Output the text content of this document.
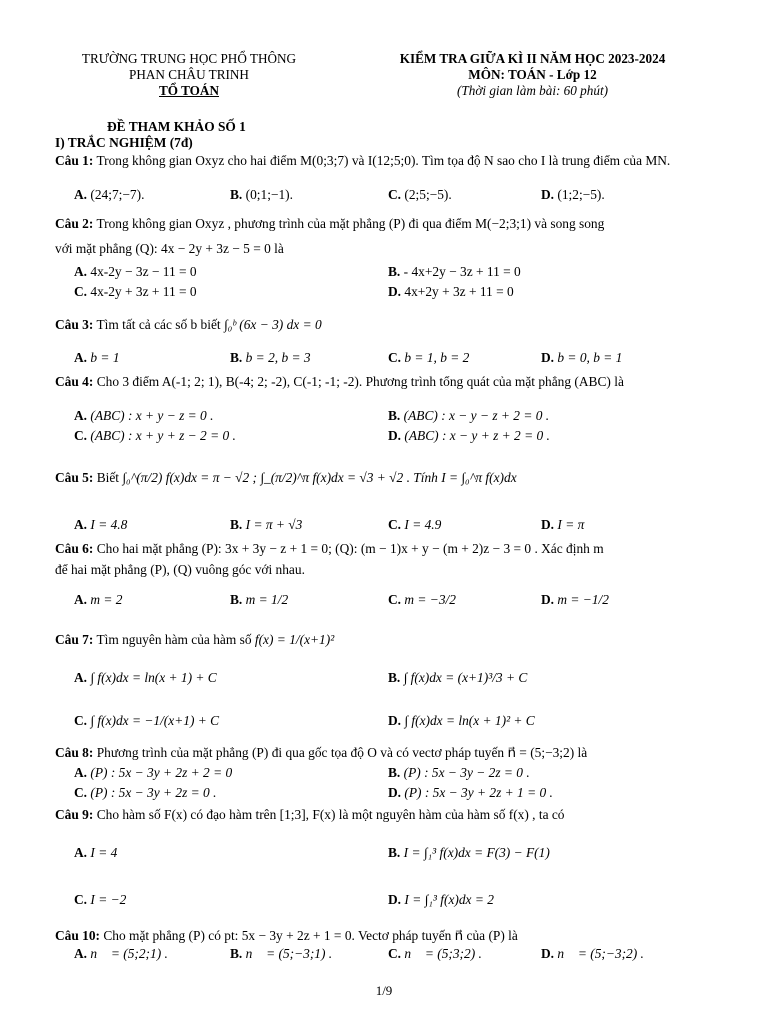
TRƯỜNG TRUNG HỌC PHỔ THÔNG
PHAN CHÂU TRINH
TỔ TOÁN
KIỂM TRA GIỮA KÌ II NĂM HỌC 2023-2024
MÔN: TOÁN - Lớp 12
(Thời gian làm bài: 60 phút)
ĐỀ THAM KHẢO SỐ 1
I) TRẮC NGHIỆM (7đ)
Câu 1: Trong không gian Oxyz cho hai điểm M(0;3;7) và I(12;5;0). Tìm tọa độ N sao cho I là trung điểm của MN.
A. (24;7;−7).	B. (0;1;−1).	C. (2;5;−5).	D. (1;2;−5).
Câu 2: Trong không gian Oxyz , phương trình của mặt phẳng (P) đi qua điểm M(−2;3;1) và song song
với mặt phẳng (Q): 4x − 2y + 3z − 5 = 0 là
A. 4x-2y − 3z − 11 = 0	B. - 4x+2y − 3z + 11 = 0
C. 4x-2y + 3z + 11 = 0	D. 4x+2y + 3z + 11 = 0
Câu 3: Tìm tất cả các số b biết ∫₀ᵇ (6x − 3) dx = 0
A. b = 1	B. b = 2, b = 3	C. b = 1, b = 2	D. b = 0, b = 1
Câu 4: Cho 3 điểm A(-1; 2; 1), B(-4; 2; -2), C(-1; -1; -2). Phương trình tổng quát của mặt phẳng (ABC) là
A. (ABC) : x + y − z = 0 .	B. (ABC) : x − y − z + 2 = 0 .
C. (ABC) : x + y + z − 2 = 0 .	D. (ABC) : x − y + z + 2 = 0 .
Câu 5: Biết ∫₀^(π/2) f(x)dx = π − √2 ; ∫_(π/2)^π f(x)dx = √3 + √2 . Tính I = ∫₀^π f(x)dx
A. I = 4.8	B. I = π + √3	C. I = 4.9	D. I = π
Câu 6: Cho hai mặt phẳng (P): 3x + 3y − z + 1 = 0; (Q): (m − 1)x + y − (m + 2)z − 3 = 0 . Xác định m
để hai mặt phẳng (P), (Q) vuông góc với nhau.
A. m = 2	B. m = 1/2	C. m = −3/2	D. m = −1/2
Câu 7: Tìm nguyên hàm của hàm số f(x) = 1/(x+1)²
A. ∫ f(x)dx = ln(x + 1) + C	B. ∫ f(x)dx = (x+1)³/3 + C
C. ∫ f(x)dx = −1/(x+1) + C	D. ∫ f(x)dx = ln(x + 1)² + C
Câu 8: Phương trình của mặt phẳng (P) đi qua gốc tọa độ O và có vectơ pháp tuyến n⃗ = (5;−3;2) là
A. (P) : 5x − 3y + 2z + 2 = 0	B. (P) : 5x − 3y − 2z = 0 .
C. (P) : 5x − 3y + 2z = 0 .	D. (P) : 5x − 3y + 2z + 1 = 0 .
Câu 9: Cho hàm số F(x) có đạo hàm trên [1;3], F(x) là một nguyên hàm của hàm số f(x) , ta có
A. I = 4	B. I = ∫₁³ f(x)dx = F(3) − F(1)
C. I = −2	D. I = ∫₁³ f(x)dx = 2
Câu 10: Cho mặt phẳng (P) có pt: 5x − 3y + 2z + 1 = 0. Vectơ pháp tuyến n⃗ của (P) là
A. n⃗ = (5;2;1) .	B. n⃗ = (5;−3;1) .	C. n⃗ = (5;3;2) .	D. n⃗ = (5;−3;2) .
1/9
